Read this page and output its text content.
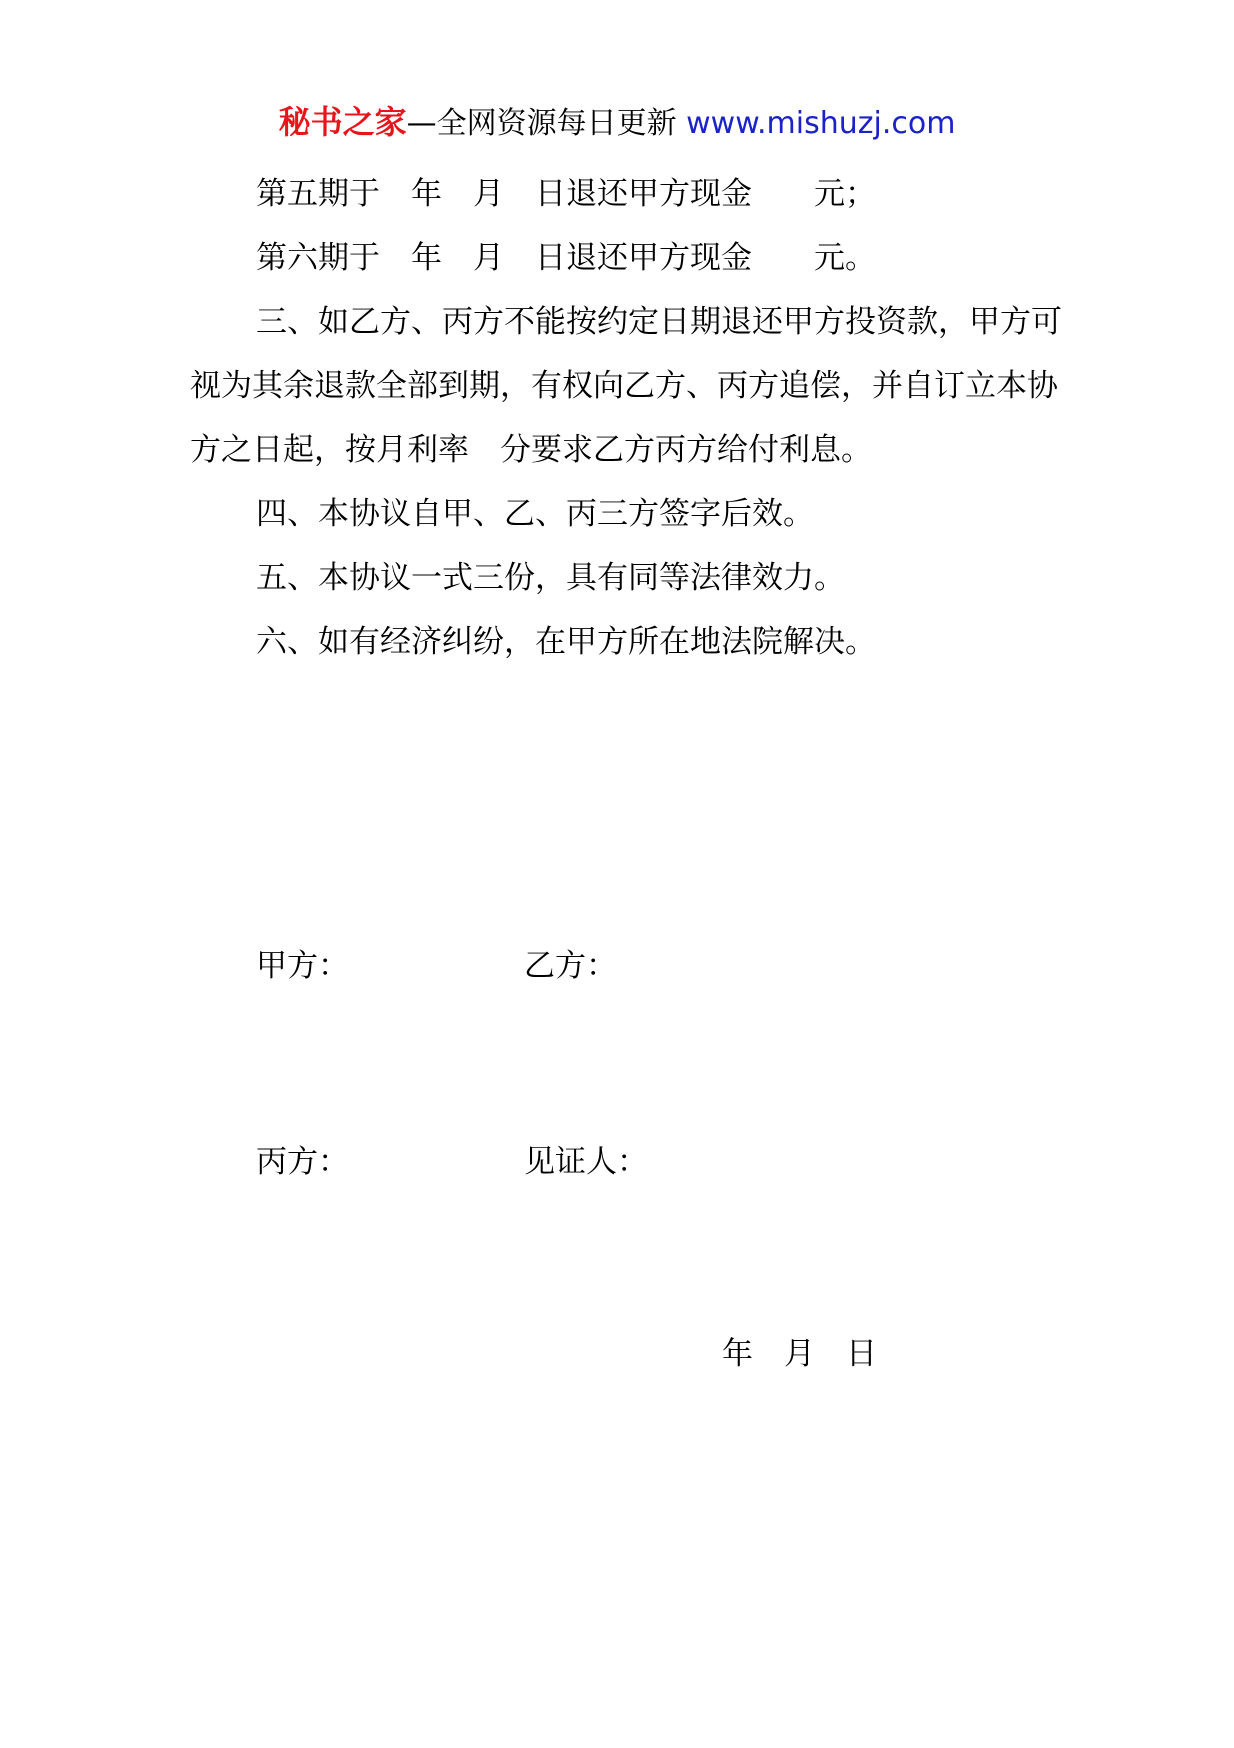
秘书之家—全网资源每日更新 www.mishuzj.com

第五期于　年　月　日退还甲方现金　　元；

第六期于　年　月　日退还甲方现金　　元。

三、如乙方、丙方不能按约定日期退还甲方投资款，甲方可视为其余退款全部到期，有权向乙方、丙方追偿，并自订立本协方之日起，按月利率　分要求乙方丙方给付利息。

四、本协议自甲、乙、丙三方签字后效。

五、本协议一式三份，具有同等法律效力。

六、如有经济纠纷，在甲方所在地法院解决。

甲方：	乙方：
丙方：	见证人：
年　月　日
